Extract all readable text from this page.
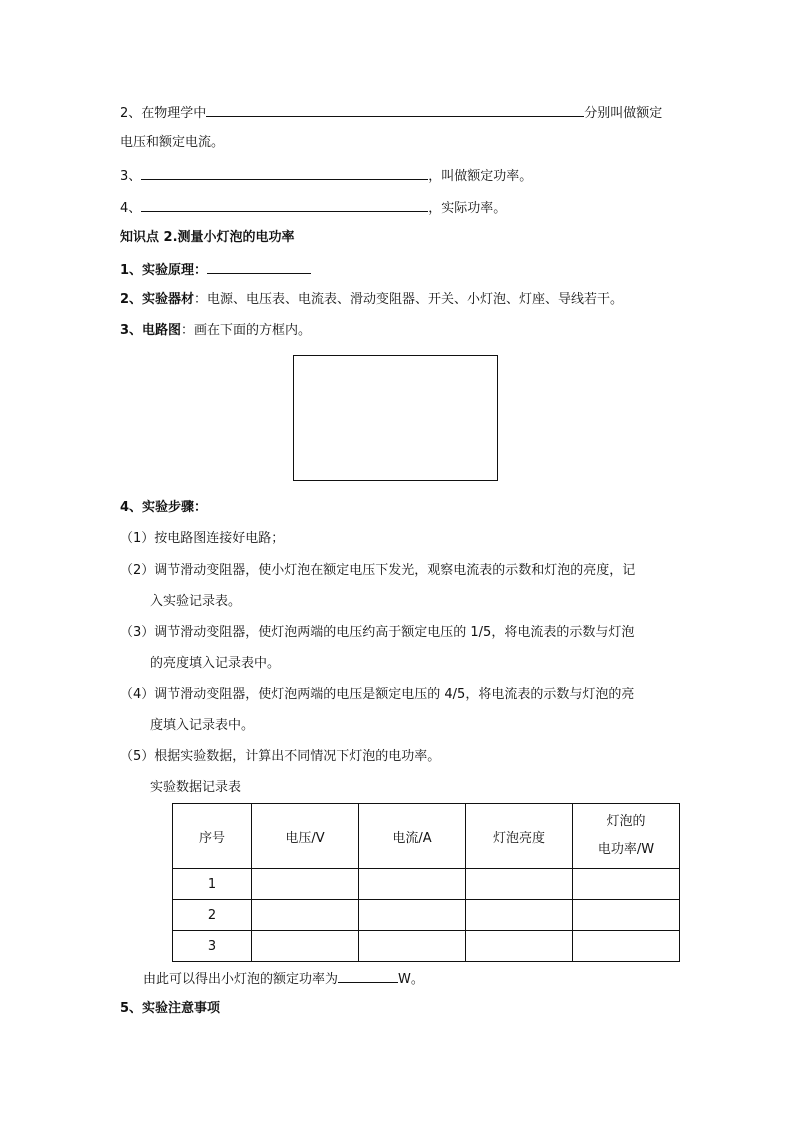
2、在物理学中	分别叫做额定
电压和额定电流。
3、	，叫做额定功率。
4、	，实际功率。
知识点 2.测量小灯泡的电功率
1、实验原理：
2、实验器材：电源、电压表、电流表、滑动变阻器、开关、小灯泡、灯座、导线若干。
3、电路图：画在下面的方框内。
4、实验步骤：
（1）按电路图连接好电路；
（2）调节滑动变阻器，使小灯泡在额定电压下发光，观察电流表的示数和灯泡的亮度，记
入实验记录表。
（3）调节滑动变阻器，使灯泡两端的电压约高于额定电压的 1/5，将电流表的示数与灯泡
的亮度填入记录表中。
（4）调节滑动变阻器，使灯泡两端的电压是额定电压的 4/5，将电流表的示数与灯泡的亮
度填入记录表中。
（5）根据实验数据，计算出不同情况下灯泡的电功率。
实验数据记录表
序号	电压/V	电流/A	灯泡亮度	灯泡的
电功率/W
1				
2				
3				
由此可以得出小灯泡的额定功率为	W。
5、实验注意事项
